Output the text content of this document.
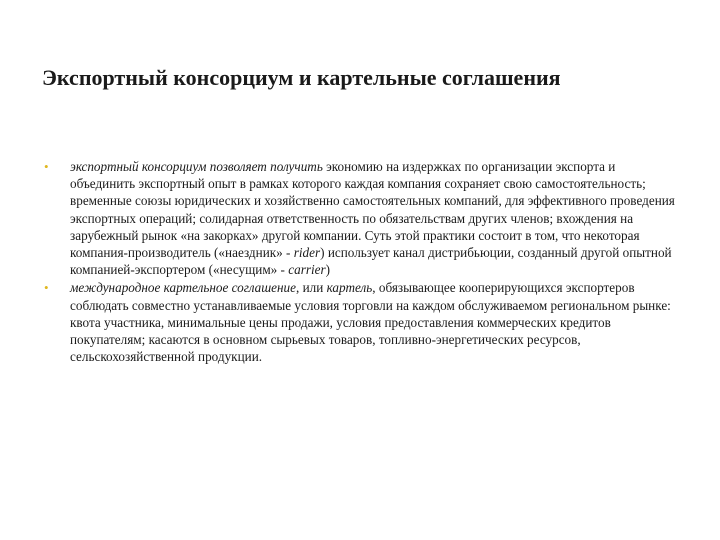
Экспортный консорциум и картельные соглашения
• экспортный консорциум позволяет получить экономию на издержках по организации экспорта и объединить экспортный опыт в рамках которого каждая компания сохраняет свою самостоятельность; временные союзы юридических и хозяйственно самостоятельных компаний, для эффективного проведения экспортных операций; солидарная ответственность по обязательствам других членов; вхождения на зарубежный рынок «на закорках» другой компании. Суть этой практики состоит в том, что некоторая компания-производитель («наездник» - rider) использует канал дистрибьюции, созданный другой опытной компанией-экспортером («несущим» - carrier)
• международное картельное соглашение, или картель, обязывающее кооперирующихся экспортеров соблюдать совместно устанавливаемые условия торговли на каждом обслуживаемом региональном рынке: квота участника, минимальные цены продажи, условия предоставления коммерческих кредитов покупателям; касаются в основном сырьевых товаров, топливно-энергетических ресурсов, сельскохозяйственной продукции.
